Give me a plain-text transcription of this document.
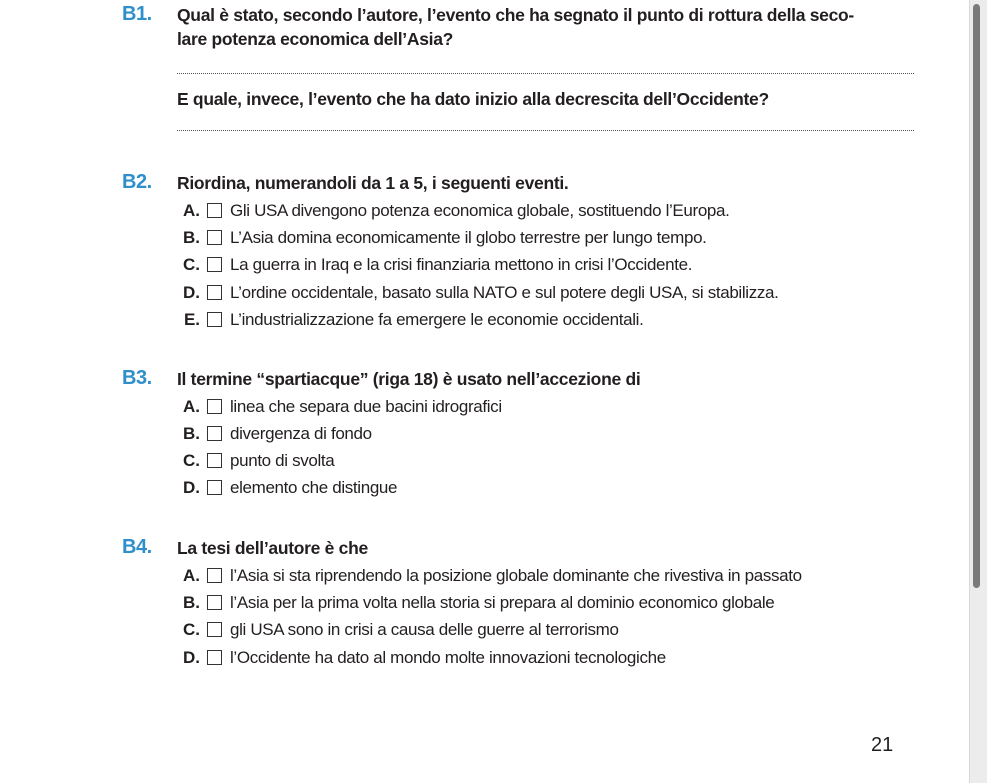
B1. Qual è stato, secondo l’autore, l’evento che ha segnato il punto di rottura della seco-
lare potenza economica dell’Asia?
E quale, invece, l’evento che ha dato inizio alla decrescita dell’Occidente?
B2. Riordina, numerandoli da 1 a 5, i seguenti eventi.
A. Gli USA divengono potenza economica globale, sostituendo l’Europa.
B. L’Asia domina economicamente il globo terrestre per lungo tempo.
C. La guerra in Iraq e la crisi finanziaria mettono in crisi l’Occidente.
D. L’ordine occidentale, basato sulla NATO e sul potere degli USA, si stabilizza.
E. L’industrializzazione fa emergere le economie occidentali.
B3. Il termine “spartiacque” (riga 18) è usato nell’accezione di
A. linea che separa due bacini idrografici
B. divergenza di fondo
C. punto di svolta
D. elemento che distingue
B4. La tesi dell’autore è che
A. l’Asia si sta riprendendo la posizione globale dominante che rivestiva in passato
B. l’Asia per la prima volta nella storia si prepara al dominio economico globale
C. gli USA sono in crisi a causa delle guerre al terrorismo
D. l’Occidente ha dato al mondo molte innovazioni tecnologiche
21
